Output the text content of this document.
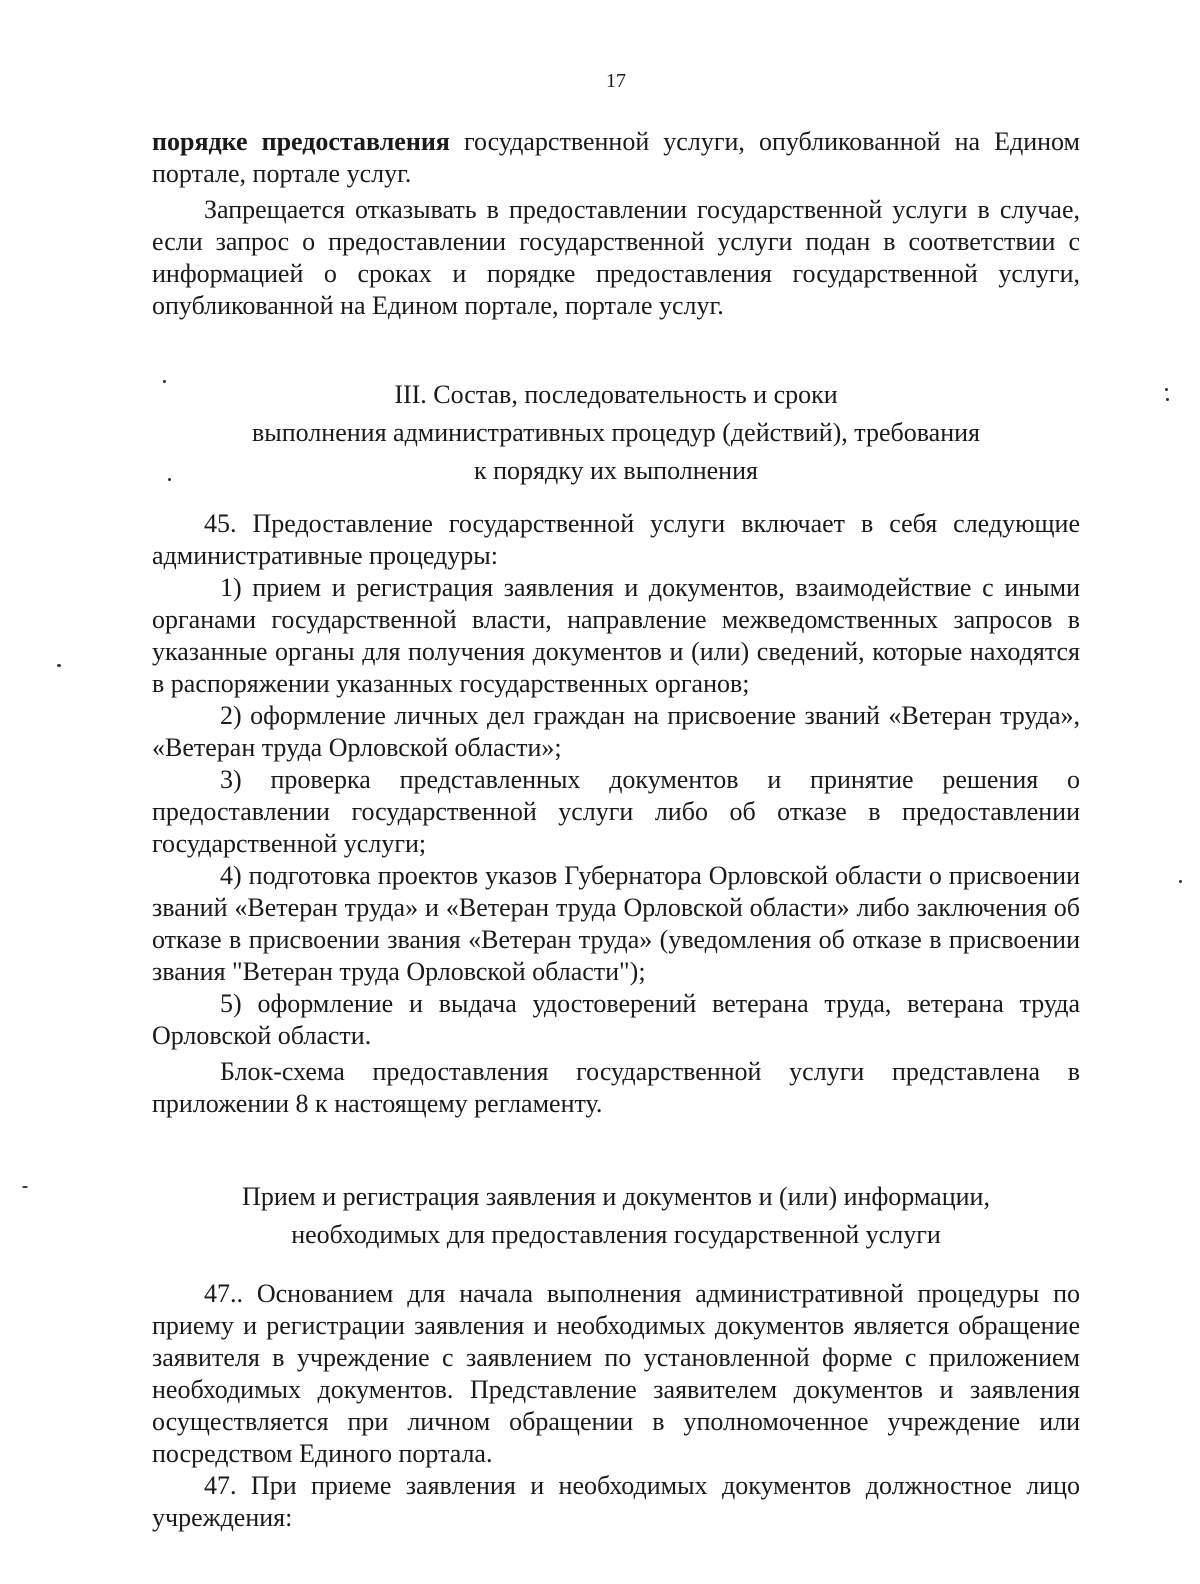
17

порядке предоставления государственной услуги, опубликованной на Едином портале, портале услуг.

Запрещается отказывать в предоставлении государственной услуги в случае, если запрос о предоставлении государственной услуги подан в соответствии с информацией о сроках и порядке предоставления государственной услуги, опубликованной на Едином портале, портале услуг.

III. Состав, последовательность и сроки
выполнения административных процедур (действий), требования
к порядку их выполнения

45. Предоставление государственной услуги включает в себя следующие административные процедуры:

1) прием и регистрация заявления и документов, взаимодействие с иными органами государственной власти, направление межведомственных запросов в указанные органы для получения документов и (или) сведений, которые находятся в распоряжении указанных государственных органов;

2) оформление личных дел граждан на присвоение званий «Ветеран труда», «Ветеран труда Орловской области»;

3) проверка представленных документов и принятие решения о предоставлении государственной услуги либо об отказе в предоставлении государственной услуги;

4) подготовка проектов указов Губернатора Орловской области о присвоении званий «Ветеран труда» и «Ветеран труда Орловской области» либо заключения об отказе в присвоении звания «Ветеран труда» (уведомления об отказе в присвоении звания "Ветеран труда Орловской области");

5) оформление и выдача удостоверений ветерана труда, ветерана труда Орловской области.

Блок-схема предоставления государственной услуги представлена в приложении 8 к настоящему регламенту.

Прием и регистрация заявления и документов и (или) информации,
необходимых для предоставления государственной услуги

47.. Основанием для начала выполнения административной процедуры по приему и регистрации заявления и необходимых документов является обращение заявителя в учреждение с заявлением по установленной форме с приложением необходимых документов. Представление заявителем документов и заявления осуществляется при личном обращении в уполномоченное учреждение или посредством Единого портала.

47. При приеме заявления и необходимых документов должностное лицо учреждения:
